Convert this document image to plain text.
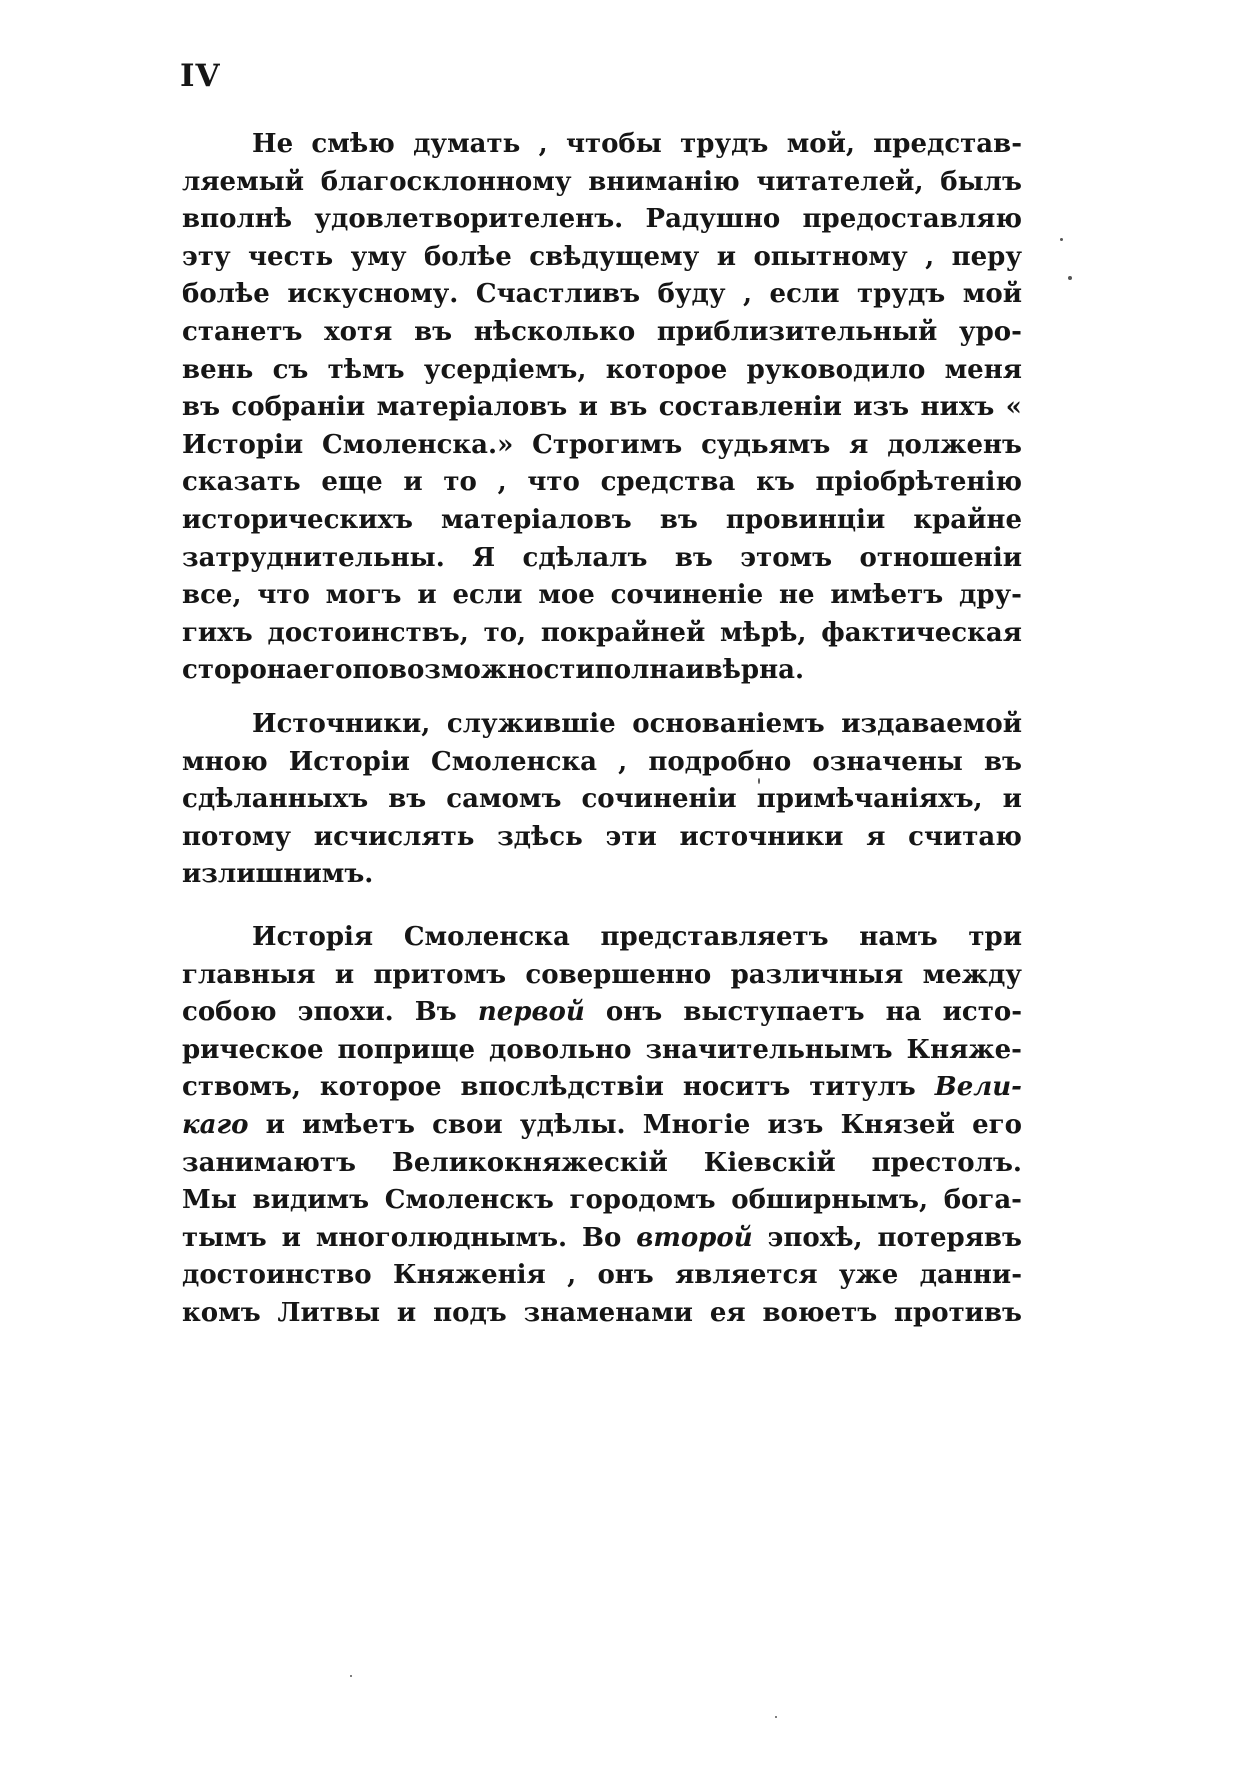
IV

Не смѣю думать , чтобы трудъ мой, представ-

ляемый благосклонному вниманію читателей, былъ

вполнѣ удовлетворителенъ. Радушно предоставляю

эту честь уму болѣе свѣдущему и опытному , перу

болѣе искусному. Счастливъ буду , если трудъ мой

станетъ хотя въ нѣсколько приблизительный уро-

вень съ тѣмъ усердіемъ, которое руководило меня

въ собраніи матеріаловъ и въ составленіи изъ нихъ «

Исторіи Смоленска.» Строгимъ судьямъ я долженъ

сказать еще и то , что средства къ пріобрѣтенію

историческихъ матеріаловъ въ провинціи крайне

затруднительны. Я сдѣлалъ въ этомъ отношеніи

все, что могъ и если мое сочиненіе не имѣетъ дру-

гихъ достоинствъ, то, покрайней мѣрѣ, фактическая

сторона его по возможности полна и вѣрна.

Источники, служившіе основаніемъ издаваемой

мною Исторіи Смоленска , подробно означены въ

сдѣланныхъ въ самомъ сочиненіи примѣчаніяхъ, и

потому исчислять здѣсь эти источники я считаю

излишнимъ.

Исторія Смоленска представляетъ намъ три

главныя и притомъ совершенно различныя между

собою эпохи. Въ первой онъ выступаетъ на исто-

рическое поприще довольно значительнымъ Княже-

ствомъ, которое впослѣдствіи носитъ титулъ Вели-

каго и имѣетъ свои удѣлы. Многіе изъ Князей его

занимаютъ Великокняжескій Кіевскій престолъ.

Мы видимъ Смоленскъ городомъ обширнымъ, бога-

тымъ и многолюднымъ. Во второй эпохѣ, потерявъ

достоинство Княженія , онъ является уже данни-

комъ Литвы и подъ знаменами ея воюетъ противъ
